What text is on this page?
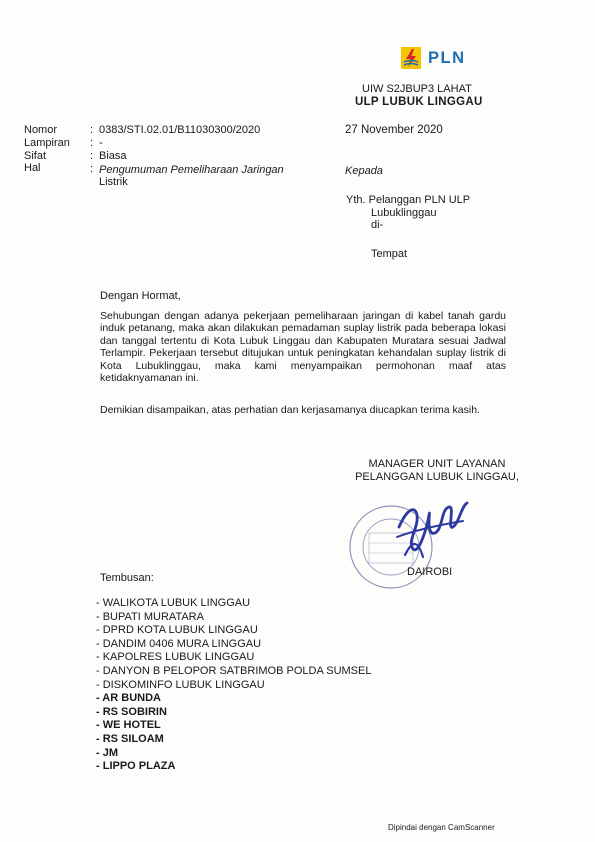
PLN
UIW S2JBUP3 LAHAT
ULP LUBUK LINGGAU
Nomor	: 0383/STI.02.01/B11030300/2020
Lampiran	: -
Sifat	: Biasa
Hal	: Pengumuman Pemeliharaan Jaringan
Listrik
27 November 2020
Kepada
Yth. Pelanggan PLN ULP
Lubuklinggau
di-
Tempat
Dengan Hormat,
Sehubungan dengan adanya pekerjaan pemeliharaan jaringan di kabel tanah gardu induk petanang, maka akan dilakukan pemadaman suplay listrik pada beberapa lokasi dan tanggal tertentu di Kota Lubuk Linggau dan Kabupaten Muratara sesuai Jadwal Terlampir. Pekerjaan tersebut ditujukan untuk peningkatan kehandalan suplay listrik di Kota Lubuklinggau, maka kami menyampaikan permohonan maaf atas ketidaknyamanan ini.
Demikian disampaikan, atas perhatian dan kerjasamanya diucapkan terima kasih.
MANAGER UNIT LAYANAN
PELANGGAN LUBUK LINGGAU,
DAIROBI
Tembusan:
- WALIKOTA LUBUK LINGGAU
- BUPATI MURATARA
- DPRD KOTA LUBUK LINGGAU
- DANDIM 0406 MURA LINGGAU
- KAPOLRES LUBUK LINGGAU
- DANYON B PELOPOR SATBRIMOB POLDA SUMSEL
- DISKOMINFO LUBUK LINGGAU
- AR BUNDA
- RS SOBIRIN
- WE HOTEL
- RS SILOAM
- JM
- LIPPO PLAZA
Dipindai dengan CamScanner
